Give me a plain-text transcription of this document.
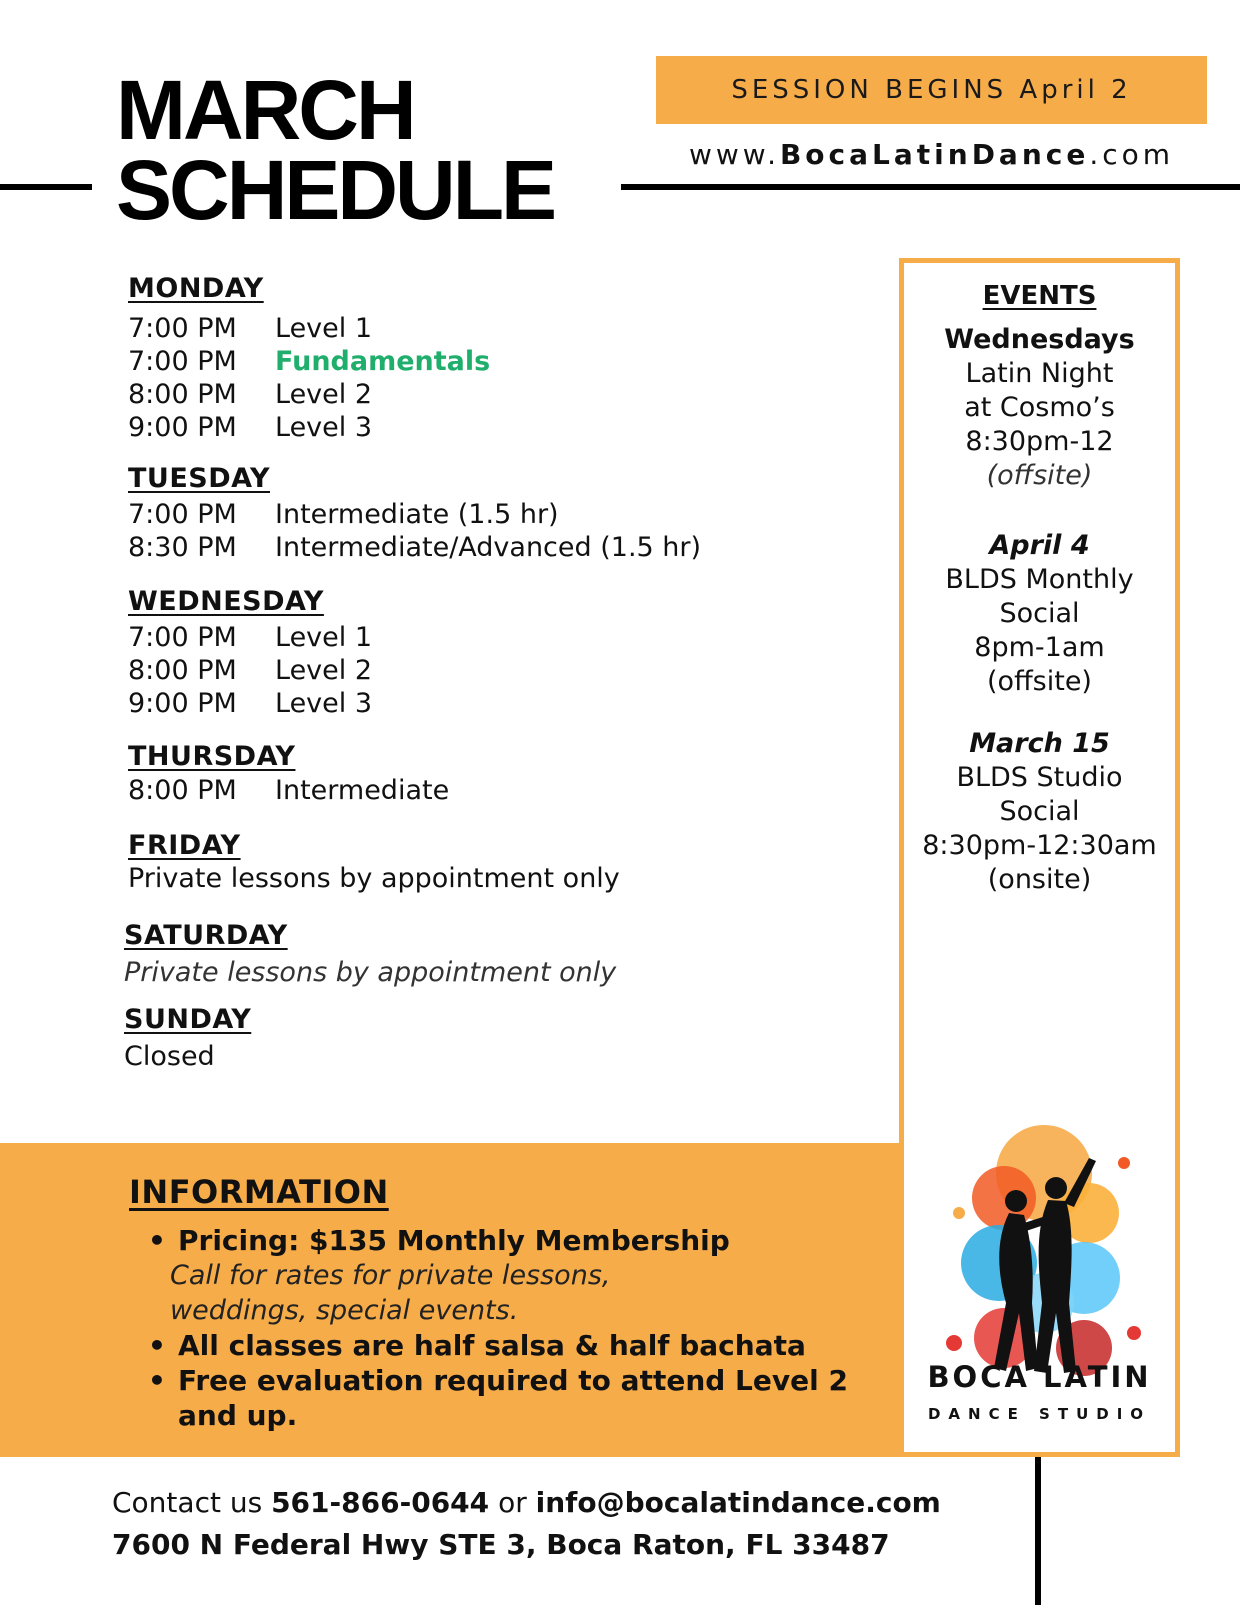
MARCH
SCHEDULE
SESSION BEGINS April 2
www.BocaLatinDance.com
MONDAY
7:00 PM	Level 1
7:00 PM	Fundamentals
8:00 PM	Level 2
9:00 PM	Level 3
TUESDAY
7:00 PM	Intermediate (1.5 hr)
8:30 PM	Intermediate/Advanced (1.5 hr)
WEDNESDAY
7:00 PM	Level 1
8:00 PM	Level 2
9:00 PM	Level 3
THURSDAY
8:00 PM	Intermediate
FRIDAY
Private lessons by appointment only
SATURDAY
Private lessons by appointment only
SUNDAY
Closed
INFORMATION
• Pricing: $135 Monthly Membership
Call for rates for private lessons,
weddings, special events.
• All classes are half salsa & half bachata
• Free evaluation required to attend Level 2 and up.
EVENTS
Wednesdays
Latin Night
at Cosmo’s
8:30pm-12
(offsite)
April 4
BLDS Monthly
Social
8pm-1am
(offsite)
March 15
BLDS Studio
Social
8:30pm-12:30am
(onsite)
BOCA LATIN
DANCE STUDIO
Contact us 561-866-0644 or info@bocalatindance.com
7600 N Federal Hwy STE 3, Boca Raton, FL 33487
